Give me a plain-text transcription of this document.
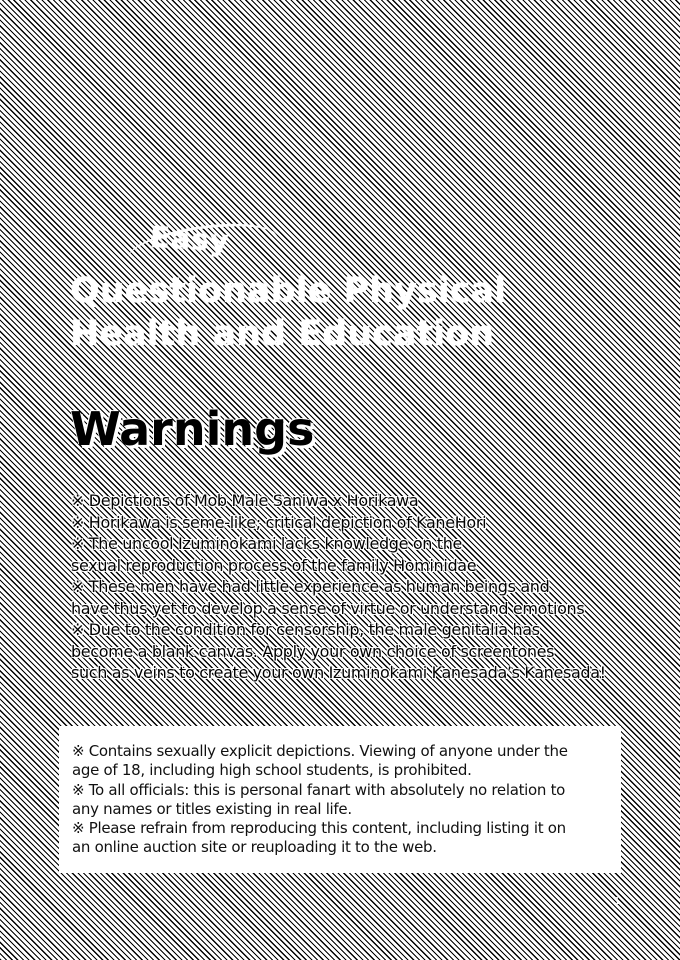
Easy
Questionable Physical
Health and Education
Warnings
※ Depictions of Mob Male Saniwa x Horikawa
※ Horikawa is seme-like; critical depiction of KaneHori
※ The uncool Izuminokami lacks knowledge on the
sexual reproduction process of the family Hominidae
※ These men have had little experience as human beings and
have thus yet to develop a sense of virtue or understand emotions
※ Due to the condition for censorship, the male genitalia has
become a blank canvas. Apply your own choice of screentones
such as veins to create your own Izuminokami Kanesada’s Kanesada!
※ Contains sexually explicit depictions. Viewing of anyone under the
age of 18, including high school students, is prohibited.
※ To all officials: this is personal fanart with absolutely no relation to
any names or titles existing in real life.
※ Please refrain from reproducing this content, including listing it on
an online auction site or reuploading it to the web.
1
